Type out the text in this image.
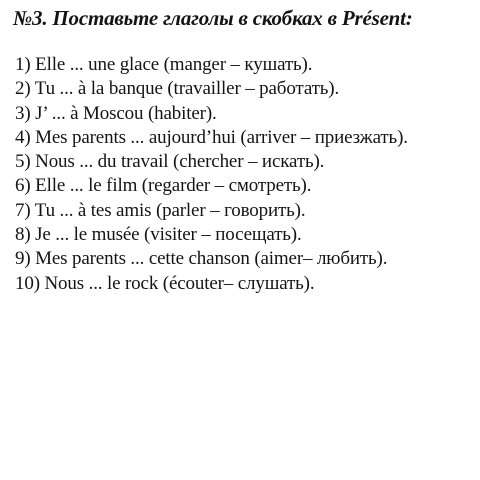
№3. Поставьте глаголы в скобках в Présent:
1) Elle ... une glace (manger – кушать).
2) Tu ... à la banque (travailler – работать).
3) J’ ... à Moscou (habiter).
4) Mes parents ... aujourd’hui (arriver – приезжать).
5) Nous ... du travail (chercher – искать).
6) Elle ... le film (regarder – смотреть).
7) Tu ... à tes amis (parler – говорить).
8) Je ... le musée (visiter – посещать).
9) Mes parents ... cette chanson (aimer– любить).
10) Nous ... le rock (écouter– слушать).
